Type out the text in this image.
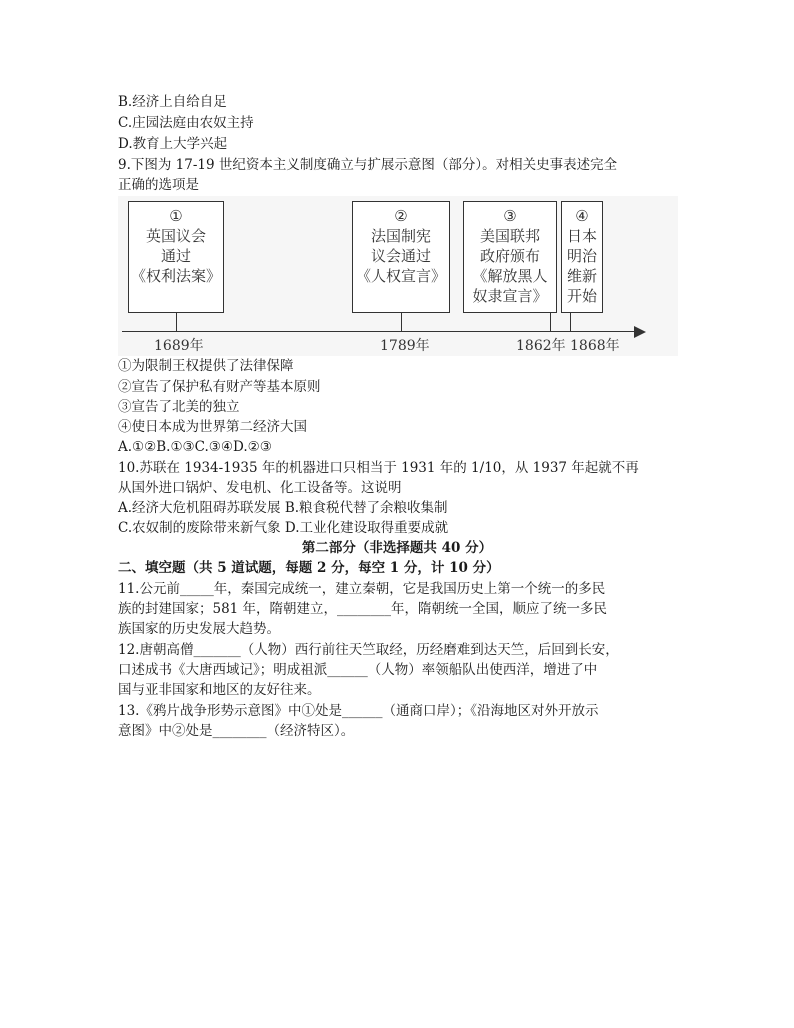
B.经济上自给自足
C.庄园法庭由农奴主持
D.教育上大学兴起
9.下图为 17-19 世纪资本主义制度确立与扩展示意图（部分）。对相关史事表述完全
正确的选项是
①
英国议会
通过
《权利法案》
②
法国制宪
议会通过
《人权宣言》
③
美国联邦
政府颁布
《解放黑人
奴隶宣言》
④
日本
明治
维新
开始
1689年	1789年	1862年 1868年
①为限制王权提供了法律保障
②宣告了保护私有财产等基本原则
③宣告了北美的独立
④使日本成为世界第二经济大国
A.①②B.①③C.③④D.②③
10.苏联在 1934-1935 年的机器进口只相当于 1931 年的 1/10，从 1937 年起就不再
从国外进口锅炉、发电机、化工设备等。这说明
A.经济大危机阻碍苏联发展 B.粮食税代替了余粮收集制
C.农奴制的废除带来新气象 D.工业化建设取得重要成就
第二部分（非选择题共 40 分）
二、填空题（共 5 道试题，每题 2 分，每空 1 分，计 10 分）
11.公元前_____年，秦国完成统一，建立秦朝，它是我国历史上第一个统一的多民
族的封建国家；581 年，隋朝建立，________年，隋朝统一全国，顺应了统一多民
族国家的历史发展大趋势。
12.唐朝高僧_______（人物）西行前往天竺取经，历经磨难到达天竺，后回到长安，
口述成书《大唐西域记》；明成祖派______（人物）率领船队出使西洋，增进了中
国与亚非国家和地区的友好往来。
13.《鸦片战争形势示意图》中①处是______（通商口岸）；《沿海地区对外开放示
意图》中②处是________（经济特区）。
